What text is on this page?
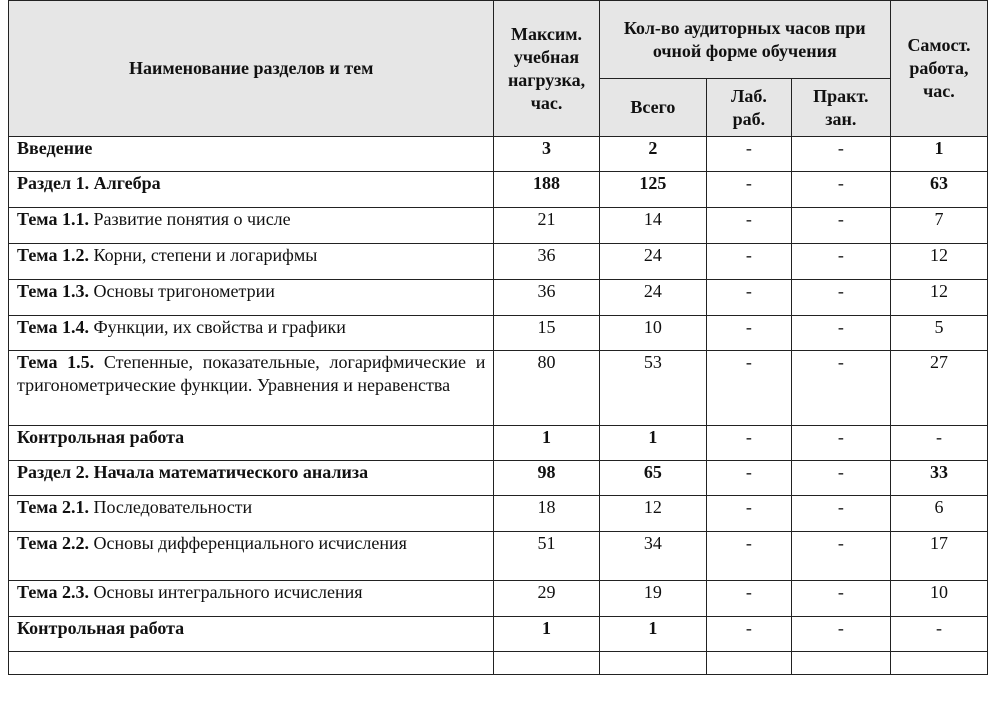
Наименование разделов и тем	Максим. учебная нагрузка, час.	Кол-во аудиторных часов при очной форме обучения			Самост. работа, час.
		Всего	Лаб. раб.	Практ. зан.	
Введение	3	2	-	-	1
Раздел 1. Алгебра	188	125	-	-	63
Тема 1.1. Развитие понятия о числе	21	14	-	-	7
Тема 1.2. Корни, степени и логарифмы	36	24	-	-	12
Тема 1.3. Основы тригонометрии	36	24	-	-	12
Тема 1.4. Функции, их свойства и графики	15	10	-	-	5
Тема 1.5. Степенные, показательные, логарифмические и тригонометрические функции. Уравнения и неравенства	80	53	-	-	27
Контрольная работа	1	1	-	-	-
Раздел 2. Начала математического анализа	98	65	-	-	33
Тема 2.1. Последовательности	18	12	-	-	6
Тема 2.2. Основы дифференциального исчисления	51	34	-	-	17
Тема 2.3. Основы интегрального исчисления	29	19	-	-	10
Контрольная работа	1	1	-	-	-
